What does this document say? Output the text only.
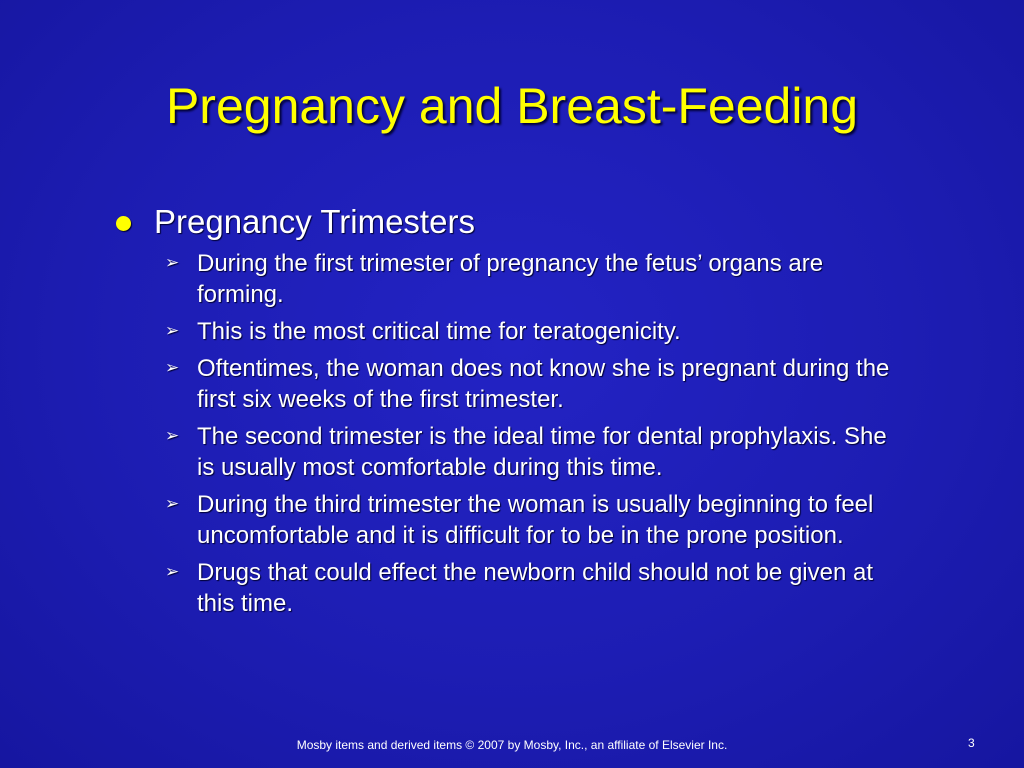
Pregnancy and Breast-Feeding
Pregnancy Trimesters
➢ During the first trimester of pregnancy the fetus’ organs are forming.
➢ This is the most critical time for teratogenicity.
➢ Oftentimes, the woman does not know she is pregnant during the first six weeks of the first trimester.
➢ The second trimester is the ideal time for dental prophylaxis. She is usually most comfortable during this time.
➢ During the third trimester the woman is usually beginning to feel uncomfortable and it is difficult for to be in the prone position.
➢ Drugs that could effect the newborn child should not be given at this time.
Mosby items and derived items © 2007 by Mosby, Inc., an affiliate of Elsevier Inc.	3
